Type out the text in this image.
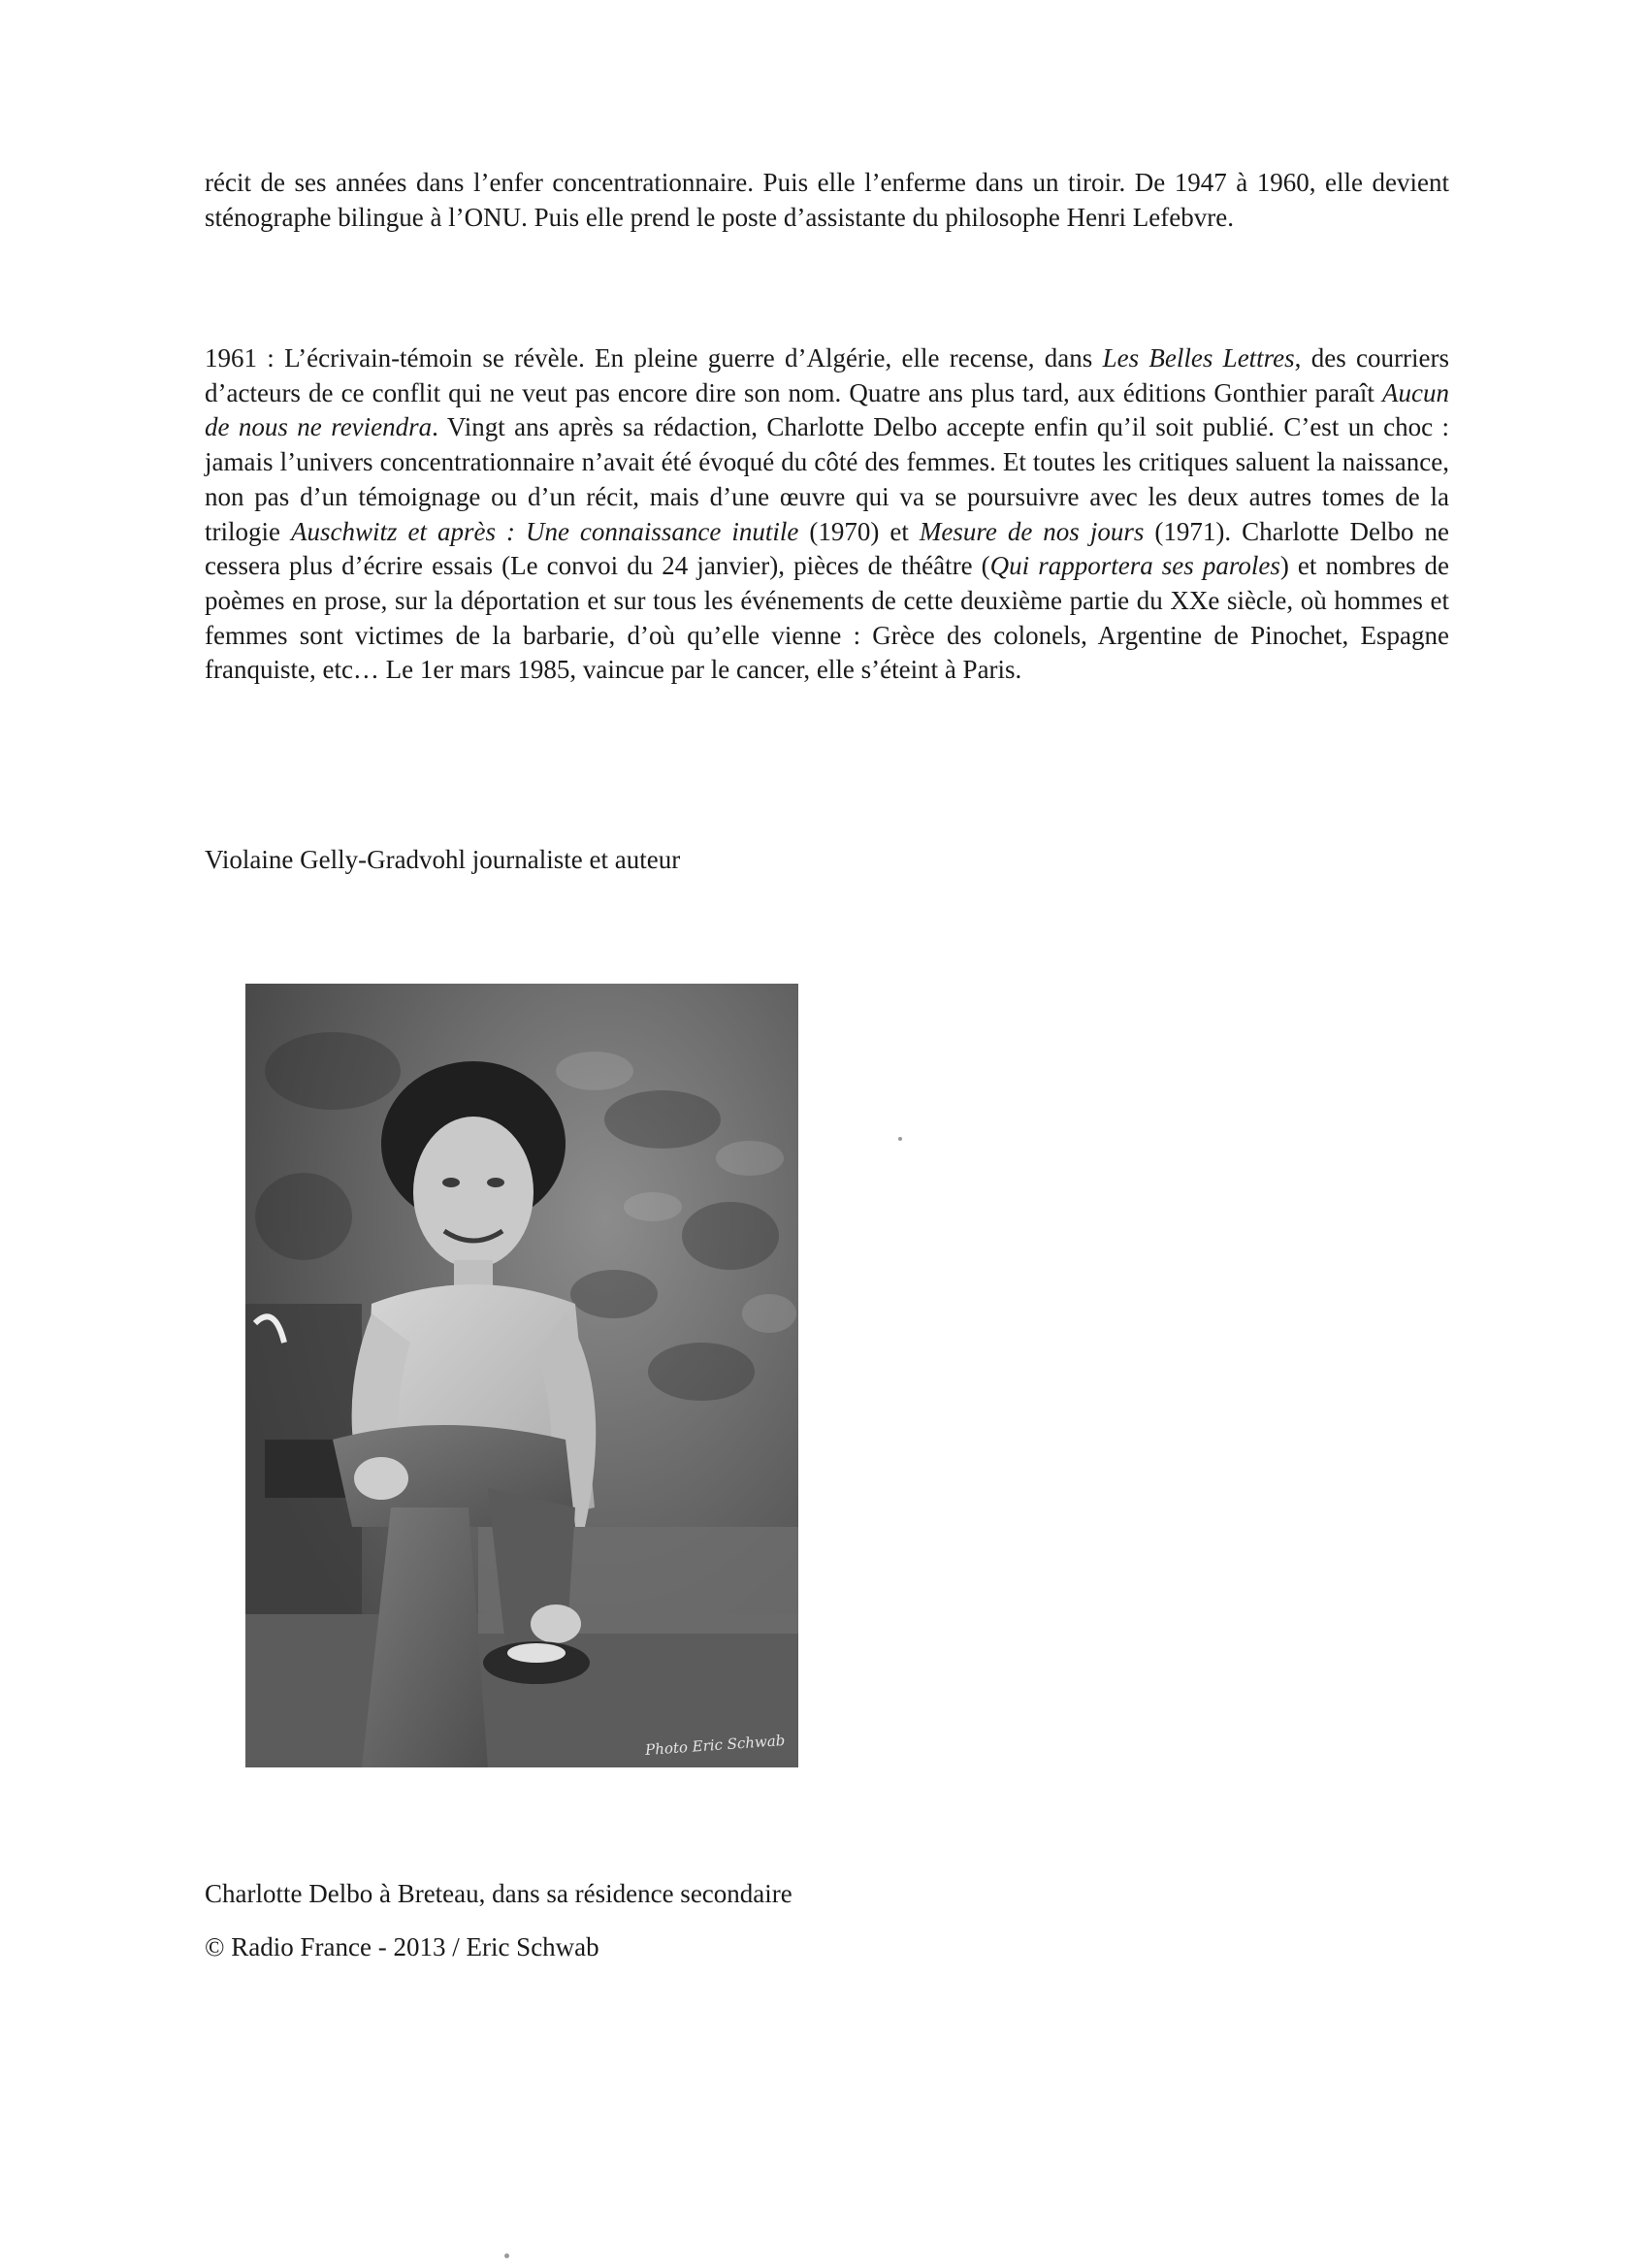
récit de ses années dans l’enfer concentrationnaire. Puis elle l’enferme dans un tiroir. De 1947 à 1960, elle devient sténographe bilingue à l’ONU. Puis elle prend le poste d’assistante du philosophe Henri Lefebvre.

1961 : L’écrivain-témoin se révèle. En pleine guerre d’Algérie, elle recense, dans Les Belles Lettres, des courriers d’acteurs de ce conflit qui ne veut pas encore dire son nom. Quatre ans plus tard, aux éditions Gonthier paraît Aucun de nous ne reviendra. Vingt ans après sa rédaction, Charlotte Delbo accepte enfin qu’il soit publié. C’est un choc : jamais l’univers concentrationnaire n’avait été évoqué du côté des femmes. Et toutes les critiques saluent la naissance, non pas d’un témoignage ou d’un récit, mais d’une œuvre qui va se poursuivre avec les deux autres tomes de la trilogie Auschwitz et après : Une connaissance inutile (1970) et Mesure de nos jours (1971). Charlotte Delbo ne cessera plus d’écrire essais (Le convoi du 24 janvier), pièces de théâtre (Qui rapportera ses paroles) et nombres de poèmes en prose, sur la déportation et sur tous les événements de cette deuxième partie du XXe siècle, où hommes et femmes sont victimes de la barbarie, d’où qu’elle vienne : Grèce des colonels, Argentine de Pinochet, Espagne franquiste, etc… Le 1er mars 1985, vaincue par le cancer, elle s’éteint à Paris.

Violaine Gelly-Gradvohl journaliste et auteur
Photo Eric Schwab
Charlotte Delbo à Breteau, dans sa résidence secondaire
© Radio France - 2013 / Eric Schwab
